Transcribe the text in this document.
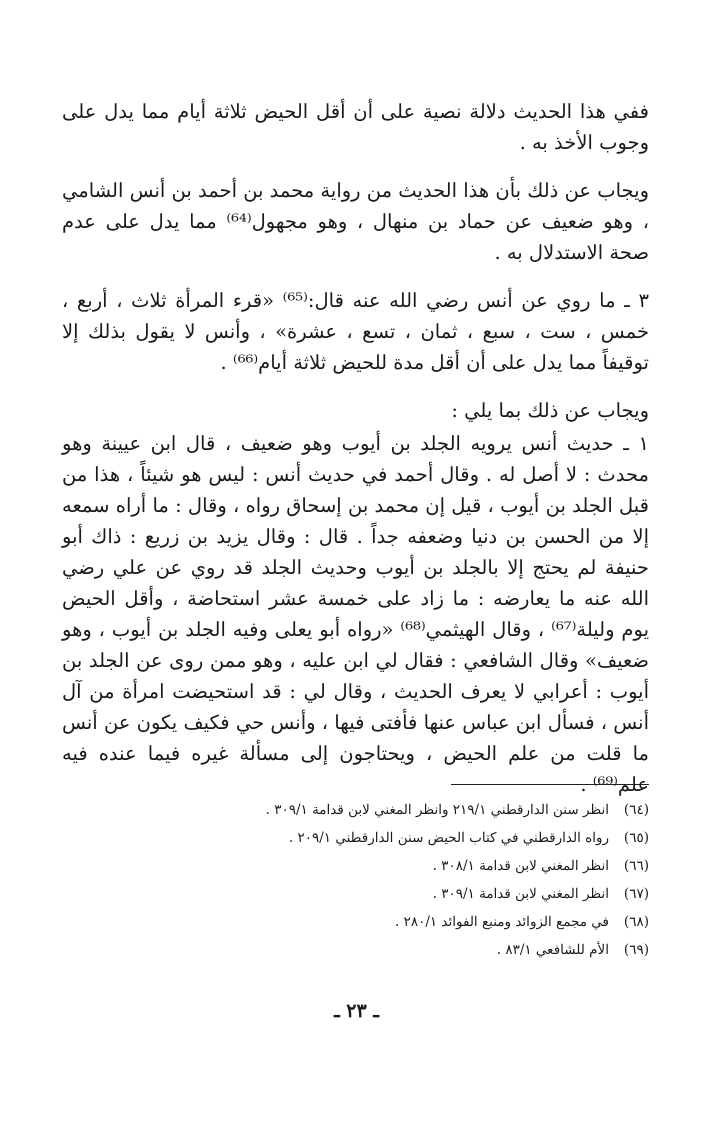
ففي هذا الحديث دلالة نصية على أن أقل الحيض ثلاثة أيام مما يدل على وجوب الأخذ به .

ويجاب عن ذلك بأن هذا الحديث من رواية محمد بن أحمد بن أنس الشامي ، وهو ضعيف عن حماد بن منهال ، وهو مجهول⁽⁶⁴⁾ مما يدل على عدم صحة الاستدلال به .

٣ ـ ما روي عن أنس رضي الله عنه قال:⁽⁶⁵⁾ «قرء المرأة ثلاث ، أربع ، خمس ، ست ، سبع ، ثمان ، تسع ، عشرة» ، وأنس لا يقول بذلك إلا توقيفاً مما يدل على أن أقل مدة للحيض ثلاثة أيام⁽⁶⁶⁾ .

ويجاب عن ذلك بما يلي :

١ ـ حديث أنس يرويه الجلد بن أيوب وهو ضعيف ، قال ابن عيينة وهو محدث : لا أصل له . وقال أحمد في حديث أنس : ليس هو شيئاً ، هذا من قبل الجلد بن أيوب ، قيل إن محمد بن إسحاق رواه ، وقال : ما أراه سمعه إلا من الحسن بن دنيا وضعفه جداً . قال : وقال يزيد بن زريع : ذاك أبو حنيفة لم يحتج إلا بالجلد بن أيوب وحديث الجلد قد روي عن علي رضي الله عنه ما يعارضه : ما زاد على خمسة عشر استحاضة ، وأقل الحيض يوم وليلة⁽⁶⁷⁾ ، وقال الهيثمي⁽⁶⁸⁾ «رواه أبو يعلى وفيه الجلد بن أيوب ، وهو ضعيف» وقال الشافعي : فقال لي ابن عليه ، وهو ممن روى عن الجلد بن أيوب : أعرابي لا يعرف الحديث ، وقال لي : قد استحيضت امرأة من آل أنس ، فسأل ابن عباس عنها فأفتى فيها ، وأنس حي فكيف يكون عن أنس ما قلت من علم الحيض ، ويحتاجون إلى مسألة غيره فيما عنده فيه علم⁽⁶⁹⁾ .

(٦٤)انظر سنن الدارقطني ٢١٩/١ وانظر المغني لابن قدامة ٣٠٩/١ .
(٦٥)رواه الدارقطني في كتاب الحيض سنن الدارقطني ٢٠٩/١ .
(٦٦)انظر المغني لابن قدامة ٣٠٨/١ .
(٦٧)انظر المغني لابن قدامة ٣٠٩/١ .
(٦٨)في مجمع الزوائد ومنبع الفوائد ٢٨٠/١ .
(٦٩)الأم للشافعي ٨٣/١ .
ـ ٢٣ ـ
